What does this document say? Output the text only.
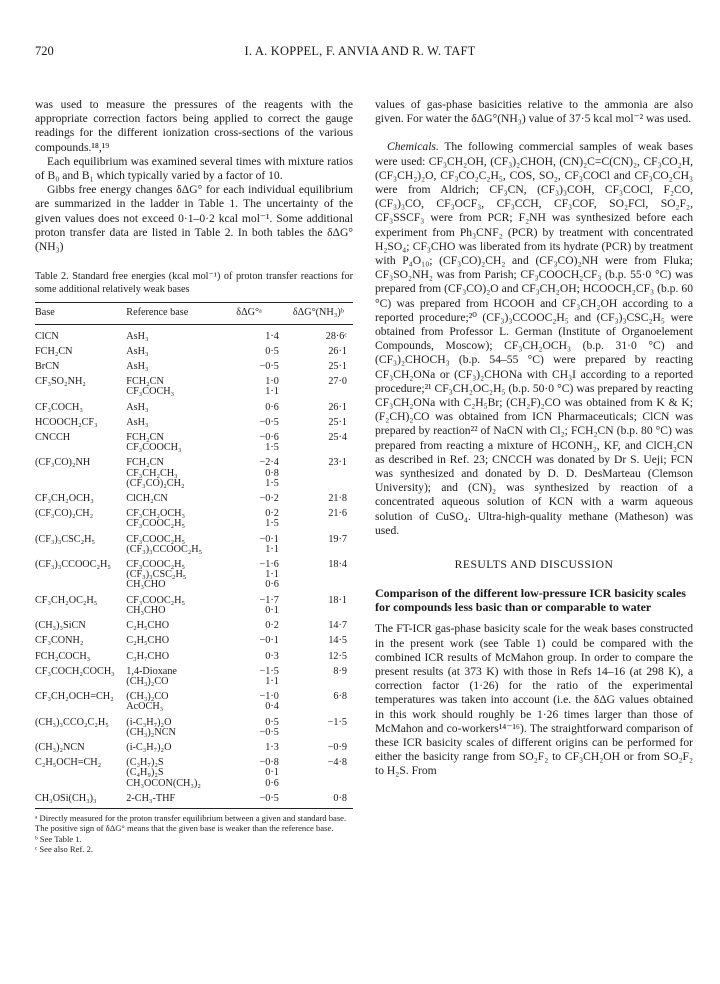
720	I. A. KOPPEL, F. ANVIA AND R. W. TAFT

was used to measure the pressures of the reagents with the appropriate correction factors being applied to correct the gauge readings for the different ionization cross-sections of the various compounds.¹⁸,¹⁹

Each equilibrium was examined several times with mixture ratios of B₀ and B₁ which typically varied by a factor of 10.

Gibbs free energy changes δΔG° for each individual equilibrium are summarized in the ladder in Table 1. The uncertainty of the given values does not exceed 0·1–0·2 kcal mol⁻¹. Some additional proton transfer data are listed in Table 2. In both tables the δΔG°(NH₃)

Table 2. Standard free energies (kcal mol⁻¹) of proton transfer reactions for some additional relatively weak bases

Base	Reference base	δΔG°ᵃ	δΔG°(NH₃)ᵇ
ClCN	AsH₃	1·4	28·6ᶜ
FCH₂CN	AsH₃	0·5	26·1
BrCN	AsH₃	−0·5	25·1
CF₃SO₂NH₂	FCH₂CN	1·0	27·0
	CF₃COCH₃	1·1	
CF₃COCH₃	AsH₃	0·6	26·1
HCOOCH₂CF₃	AsH₃	−0·5	25·1
CNCCH	FCH₂CN	−0·6	25·4
	CF₃COOCH₃	1·5	
(CF₃CO)₂NH	FCH₂CN	−2·4	23·1
	CF₃CH₂CH₃	0·8	
	(CF₃CO)₂CH₂	1·5	
CF₃CH₂OCH₃	ClCH₂CN	−0·2	21·8
(CF₃CO)₂CH₂	CF₃CH₂OCH₃	0·2	21·6
	CF₃COOC₂H₅	1·5	
(CF₃)₃CSC₂H₅	CF₃COOC₂H₅	−0·1	19·7
	(CF₃)₃CCOOC₂H₅	1·1	
(CF₃)₃CCOOC₂H₅	CF₃COOC₂H₅	−1·6	18·4
	(CF₃)₃CSC₂H₅	1·1	
	CH₃CHO	0·6	
CF₃CH₂OC₂H₅	CF₃COOC₂H₅	−1·7	18·1
	CH₃CHO	0·1	
(CH₃)₃SiCN	C₂H₅CHO	0·2	14·7
CF₃CONH₂	C₂H₅CHO	−0·1	14·5
FCH₂COCH₃	C₃H₇CHO	0·3	12·5
CF₃COCH₂COCH₃	1,4-Dioxane	−1·5	8·9
	(CH₃)₂CO	1·1	
CF₃CH₂OCH=CH₂	(CH₃)₂CO	−1·0	6·8
	AcOCH₃	0·4	
(CH₃)₃CCO₂C₂H₅	(i-C₃H₇)₂O	0·5	−1·5
	(CH₃)₂NCN	−0·5	
(CH₃)₂NCN	(i-C₃H₇)₂O	1·3	−0·9
C₂H₅OCH=CH₂	(C₃H₇)₂S	−0·8	−4·8
	(C₄H₉)₂S	0·1	
	CH₃OCON(CH₃)₂	0·6	
CH₃OSi(CH₃)₃	2-CH₃-THF	−0·5	0·8
ᵃ Directly measured for the proton transfer equilibrium between a given and standard base. The positive sign of δΔG° means that the given base is weaker than the reference base.
ᵇ See Table 1.
ᶜ See also Ref. 2.

values of gas-phase basicities relative to the ammonia are also given. For water the δΔG°(NH₃) value of 37·5 kcal mol⁻² was used.

Chemicals. The following commercial samples of weak bases were used: CF₃CH₂OH, (CF₃)₂CHOH, (CN)₂C=C(CN)₂, CF₃CO₂H, (CF₃CH₂)₂O, CF₃CO₂C₂H₅, COS, SO₂, CF₃COCl and CF₃CO₂CH₃ were from Aldrich; CF₃CN, (CF₃)₃COH, CF₃COCl, F₂CO, (CF₃)₃CO, CF₃OCF₃, CF₃CCH, CF₃COF, SO₂FCl, SO₂F₂, CF₃SSCF₃ were from PCR; F₂NH was synthesized before each experiment from Ph₃CNF₂ (PCR) by treatment with concentrated H₂SO₄; CF₃CHO was liberated from its hydrate (PCR) by treatment with P₄O₁₀; (CF₃CO)₂CH₂ and (CF₃CO)₂NH were from Fluka; CF₃SO₂NH₂ was from Parish; CF₃COOCH₂CF₃ (b.p. 55·0 °C) was prepared from (CF₃CO)₂O and CF₃CH₂OH; HCOOCH₂CF₃ (b.p. 60 °C) was prepared from HCOOH and CF₃CH₂OH according to a reported procedure;²⁰ (CF₃)₃CCOOC₂H₅ and (CF₃)₃CSC₂H₅ were obtained from Professor L. German (Institute of Organoelement Compounds, Moscow); CF₃CH₂OCH₃ (b.p. 31·0 °C) and (CF₃)₂CHOCH₃ (b.p. 54–55 °C) were prepared by reacting CF₃CH₂ONa or (CF₃)₂CHONa with CH₃I according to a reported procedure;²¹ CF₃CH₂OC₂H₅ (b.p. 50·0 °C) was prepared by reacting CF₃CH₂ONa with C₂H₅Br; (CH₂F)₂CO was obtained from K & K; (F₂CH)₂CO was obtained from ICN Pharmaceuticals; ClCN was prepared by reaction²² of NaCN with Cl₂; FCH₂CN (b.p. 80 °C) was prepared from reacting a mixture of HCONH₂, KF, and ClCH₂CN as described in Ref. 23; CNCCH was donated by Dr S. Ueji; FCN was synthesized and donated by D. D. DesMarteau (Clemson University); and (CN)₂ was synthesized by reaction of a concentrated aqueous solution of KCN with a warm aqueous solution of CuSO₄. Ultra-high-quality methane (Matheson) was used.

RESULTS AND DISCUSSION

Comparison of the different low-pressure ICR basicity scales for compounds less basic than or comparable to water

The FT-ICR gas-phase basicity scale for the weak bases constructed in the present work (see Table 1) could be compared with the combined ICR results of McMahon group. In order to compare the present results (at 373 K) with those in Refs 14–16 (at 298 K), a correction factor (1·26) for the ratio of the experimental temperatures was taken into account (i.e. the δΔG values obtained in this work should roughly be 1·26 times larger than those of McMahon and co-workers¹⁴⁻¹⁶). The straightforward comparison of these ICR basicity scales of different origins can be performed for either the basicity range from SO₂F₂ to CF₃CH₂OH or from SO₂F₂ to H₂S. From
